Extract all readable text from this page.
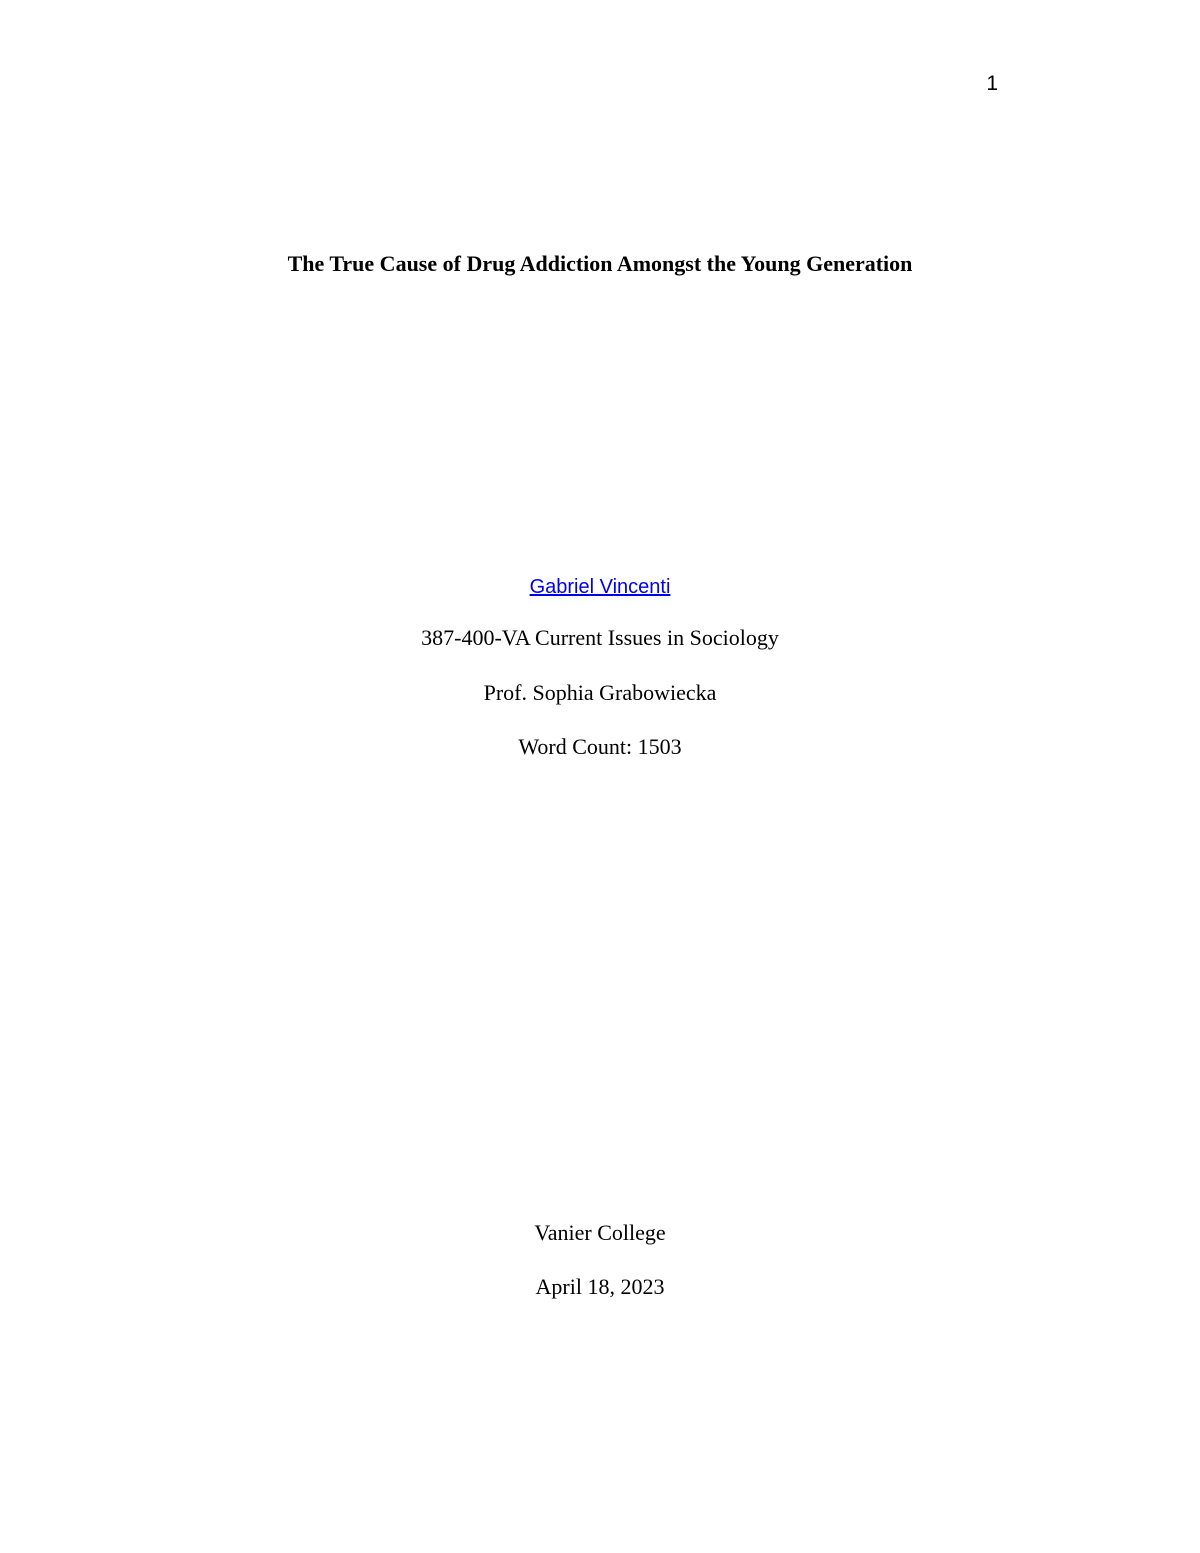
1
The True Cause of Drug Addiction Amongst the Young Generation
Gabriel Vincenti
387-400-VA Current Issues in Sociology
Prof. Sophia Grabowiecka
Word Count: 1503
Vanier College
April 18, 2023
